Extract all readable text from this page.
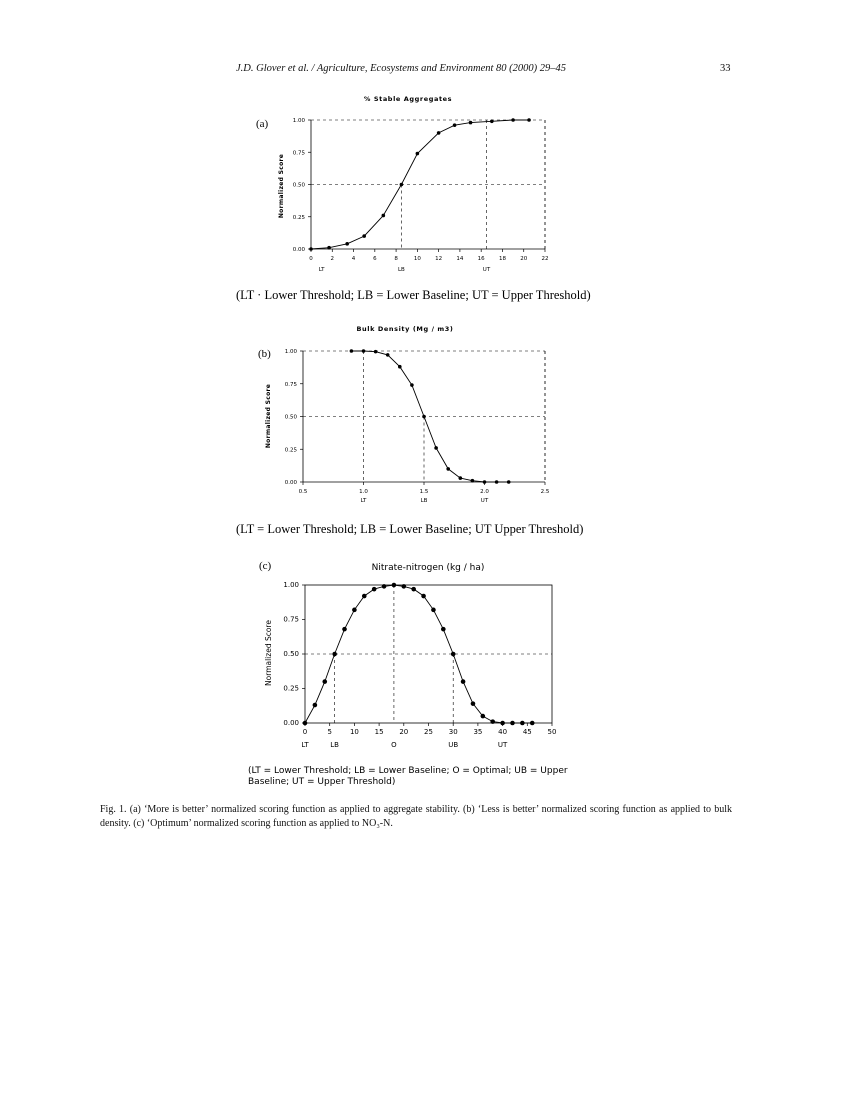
J.D. Glover et al. / Agriculture, Ecosystems and Environment 80 (2000) 29–45	33
% Stable Aggregates
(a)
Normalized Score
0.00
0.25
0.50
0.75
1.00
0	2	4	6	8	10	12	14	16	18	20	22
LT	LB	UT
(LT · Lower Threshold; LB = Lower Baseline; UT = Upper Threshold)
Bulk Density (Mg / m3)
(b)
Normalized Score
0.00
0.25
0.50
0.75
1.00
0.5	1.0	1.5	2.0	2.5
LT	LB	UT
(LT = Lower Threshold; LB = Lower Baseline; UT Upper Threshold)
(c)	Nitrate-nitrogen (kg / ha)
Normalized Score
0.00
0.25
0.50
0.75
1.00
0	5	10 15 20 25 30 35 40 45 50
LT	LB	O	UB	UT
(LT = Lower Threshold; LB = Lower Baseline; O = Optimal; UB = Upper
Baseline; UT = Upper Threshold)
Fig. 1. (a) ‘More is better’ normalized scoring function as applied to aggregate stability. (b) ‘Less is better’ normalized scoring function as applied to bulk density. (c) ‘Optimum’ normalized scoring function as applied to NO₃-N.
